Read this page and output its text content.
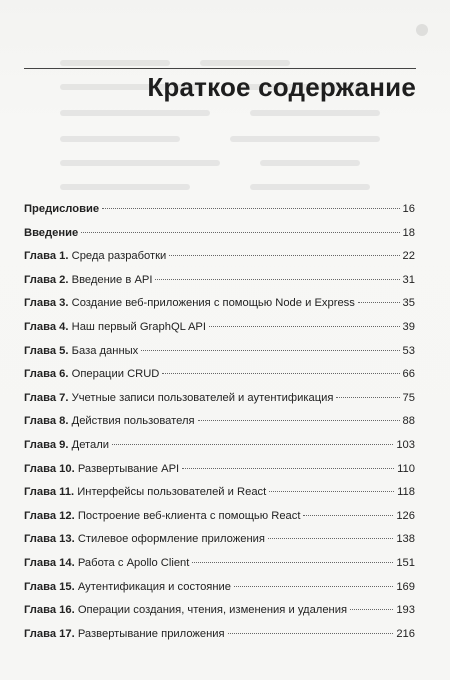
Краткое содержание
Предисловие	16
Введение	18
Глава 1. Среда разработки	22
Глава 2. Введение в API	31
Глава 3. Создание веб-приложения с помощью Node и Express	35
Глава 4. Наш первый GraphQL API	39
Глава 5. База данных	53
Глава 6. Операции CRUD	66
Глава 7. Учетные записи пользователей и аутентификация	75
Глава 8. Действия пользователя	88
Глава 9. Детали	103
Глава 10. Развертывание API	110
Глава 11. Интерфейсы пользователей и React	118
Глава 12. Построение веб-клиента с помощью React	126
Глава 13. Стилевое оформление приложения	138
Глава 14. Работа с Apollo Client	151
Глава 15. Аутентификация и состояние	169
Глава 16. Операции создания, чтения, изменения и удаления	193
Глава 17. Развертывание приложения	216
